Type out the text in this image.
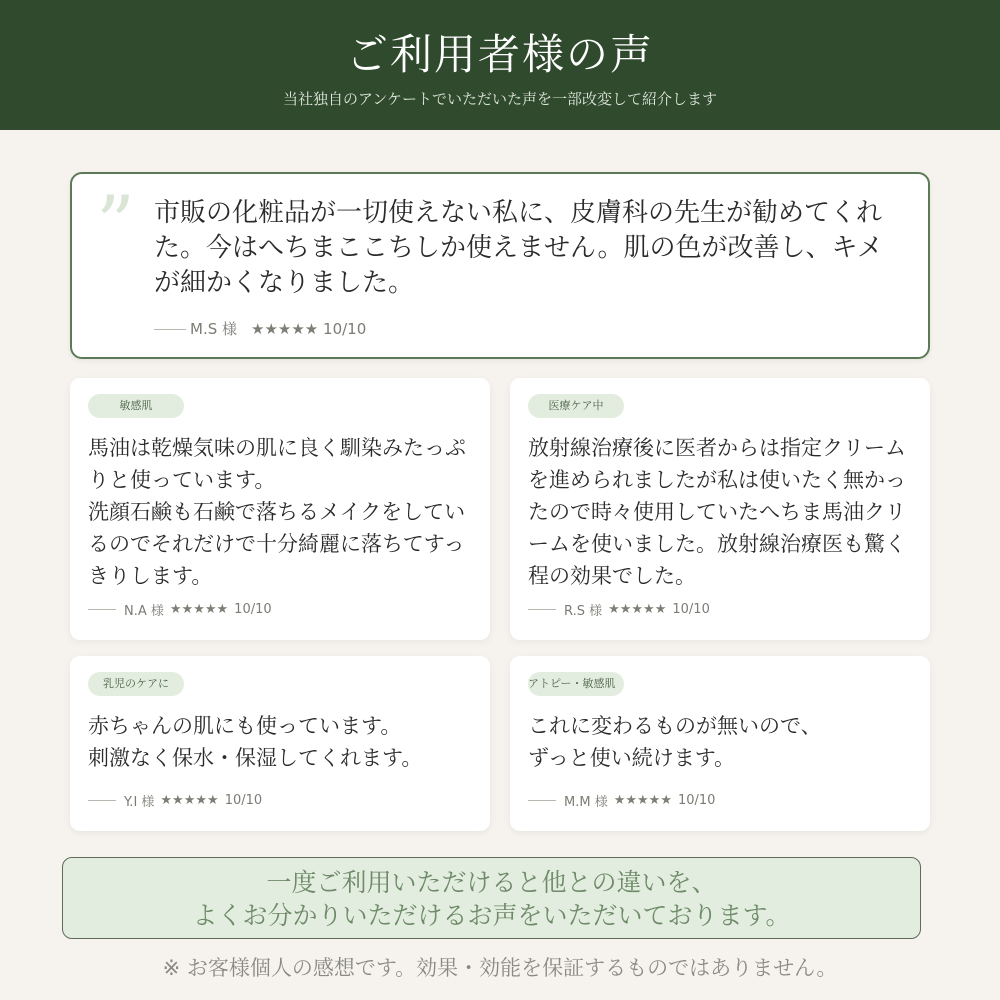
ご利用者様の声

当社独自のアンケートでいただいた声を一部改変して紹介します

” 市販の化粧品が一切使えない私に、皮膚科の先生が勧めてくれた。今はへちまここちしか使えません。肌の色が改善し、キメが細かくなりました。

M.S 様 ★★★★★ 10/10
敏感肌

馬油は乾燥気味の肌に良く馴染みたっぷりと使っています。
洗顔石鹸も石鹸で落ちるメイクをしているのでそれだけで十分綺麗に落ちてすっきりします。

N.A 様 ★★★★★ 10/10
医療ケア中

放射線治療後に医者からは指定クリームを進められましたが私は使いたく無かったので時々使用していたへちま馬油クリームを使いました。放射線治療医も驚く程の効果でした。

R.S 様 ★★★★★ 10/10
乳児のケアに

赤ちゃんの肌にも使っています。
刺激なく保水・保湿してくれます。

Y.I 様 ★★★★★ 10/10
アトピー・敏感肌

これに変わるものが無いので、
ずっと使い続けます。

M.M 様 ★★★★★ 10/10

一度ご利用いただけると他との違いを、

よくお分かりいただけるお声をいただいております。

※ お客様個人の感想です。効果・効能を保証するものではありません。
